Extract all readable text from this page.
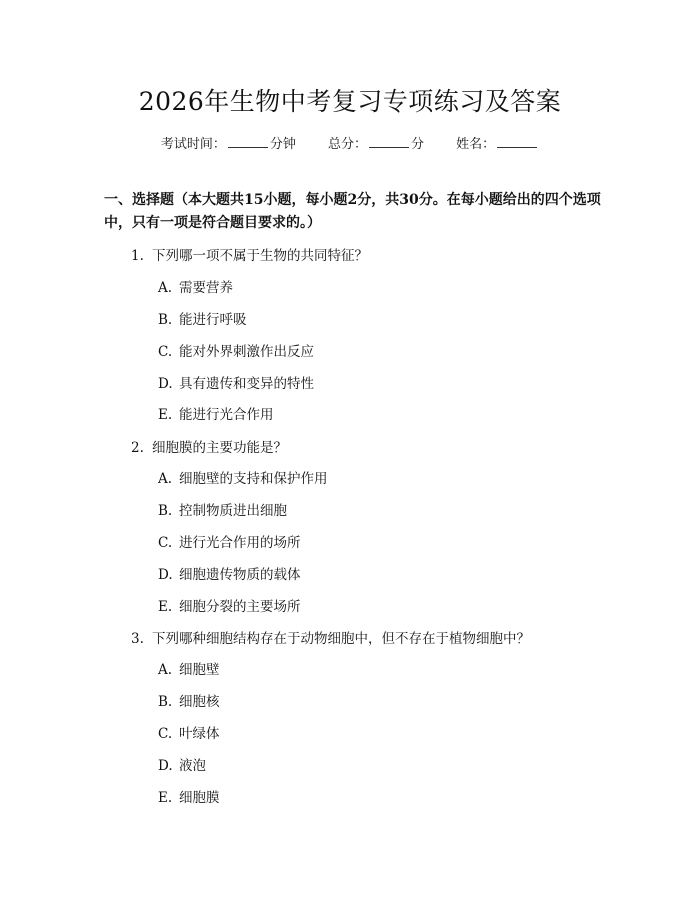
2026年生物中考复习专项练习及答案
考试时间：	分钟 总分：	分 姓名：

一、选择题（本大题共15小题，每小题2分，共30分。在每小题给出的四个选项中，只有一项是符合题目要求的。）

1. 下列哪一项不属于生物的共同特征？
A. 需要营养
B. 能进行呼吸
C. 能对外界刺激作出反应
D. 具有遗传和变异的特性
E. 能进行光合作用
2. 细胞膜的主要功能是？
A. 细胞壁的支持和保护作用
B. 控制物质进出细胞
C. 进行光合作用的场所
D. 细胞遗传物质的载体
E. 细胞分裂的主要场所
3. 下列哪种细胞结构存在于动物细胞中，但不存在于植物细胞中？
A. 细胞壁
B. 细胞核
C. 叶绿体
D. 液泡
E. 细胞膜
